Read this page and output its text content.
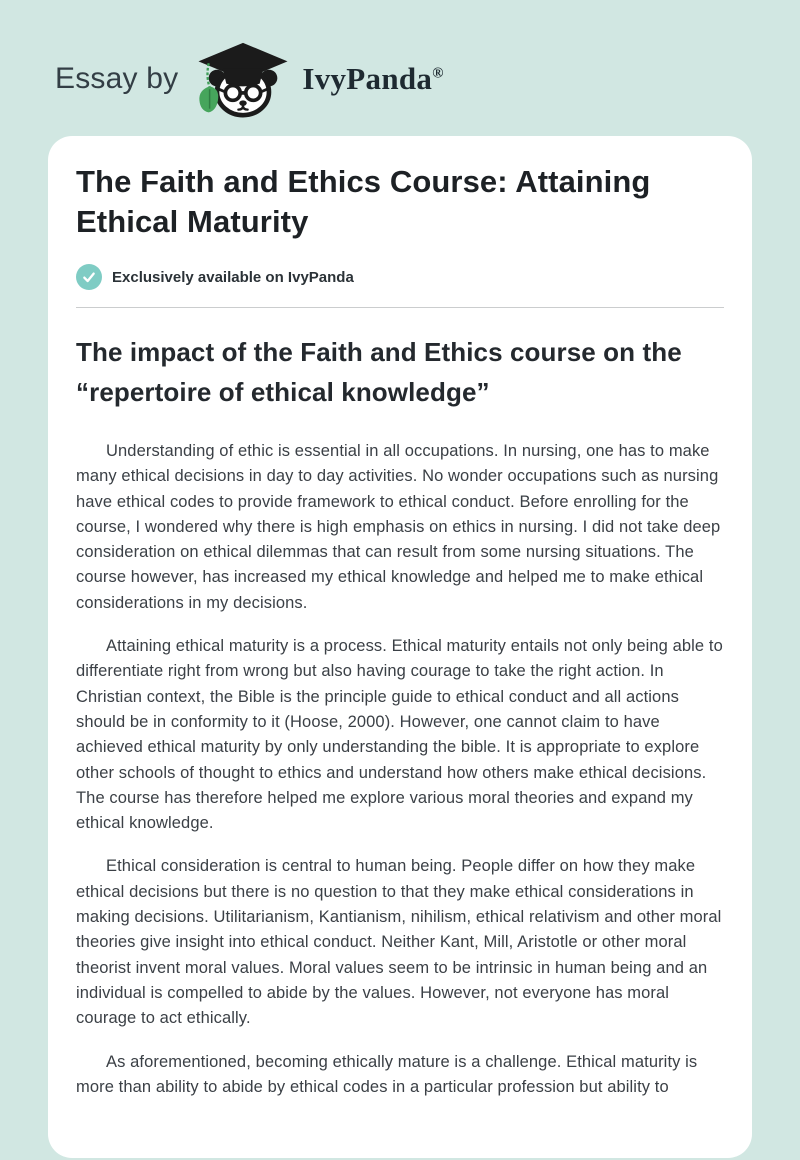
Essay by	IvyPanda®
The Faith and Ethics Course: Attaining Ethical Maturity
Exclusively available on IvyPanda
The impact of the Faith and Ethics course on the “repertoire of ethical knowledge”

Understanding of ethic is essential in all occupations. In nursing, one has to make many ethical decisions in day to day activities. No wonder occupations such as nursing have ethical codes to provide framework to ethical conduct. Before enrolling for the course, I wondered why there is high emphasis on ethics in nursing. I did not take deep consideration on ethical dilemmas that can result from some nursing situations. The course however, has increased my ethical knowledge and helped me to make ethical considerations in my decisions.

Attaining ethical maturity is a process. Ethical maturity entails not only being able to differentiate right from wrong but also having courage to take the right action. In Christian context, the Bible is the principle guide to ethical conduct and all actions should be in conformity to it (Hoose, 2000). However, one cannot claim to have achieved ethical maturity by only understanding the bible. It is appropriate to explore other schools of thought to ethics and understand how others make ethical decisions. The course has therefore helped me explore various moral theories and expand my ethical knowledge.

Ethical consideration is central to human being. People differ on how they make ethical decisions but there is no question to that they make ethical considerations in making decisions. Utilitarianism, Kantianism, nihilism, ethical relativism and other moral theories give insight into ethical conduct. Neither Kant, Mill, Aristotle or other moral theorist invent moral values. Moral values seem to be intrinsic in human being and an individual is compelled to abide by the values. However, not everyone has moral courage to act ethically.

As aforementioned, becoming ethically mature is a challenge. Ethical maturity is more than ability to abide by ethical codes in a particular profession but ability to
